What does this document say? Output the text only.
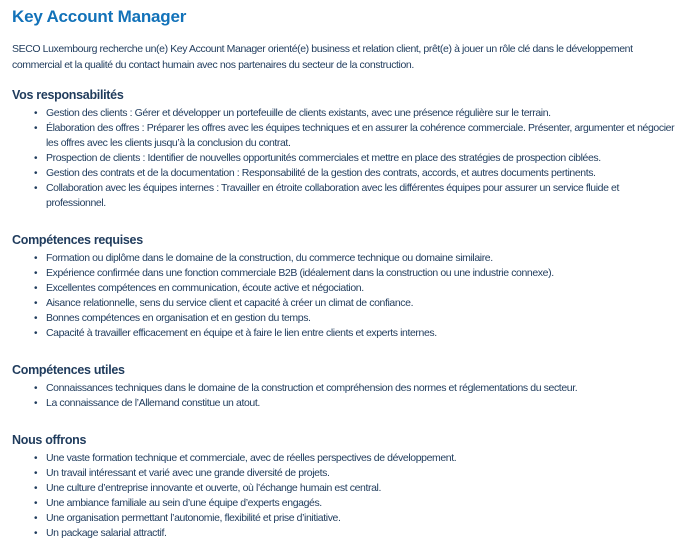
Key Account Manager

SECO Luxembourg recherche un(e) Key Account Manager orienté(e) business et relation client, prêt(e) à jouer un rôle clé dans le développement commercial et la qualité du contact humain avec nos partenaires du secteur de la construction.

Vos responsabilités
• Gestion des clients : Gérer et développer un portefeuille de clients existants, avec une présence régulière sur le terrain.
• Élaboration des offres : Préparer les offres avec les équipes techniques et en assurer la cohérence commerciale. Présenter, argumenter et négocier les offres avec les clients jusqu’à la conclusion du contrat.
• Prospection de clients : Identifier de nouvelles opportunités commerciales et mettre en place des stratégies de prospection ciblées.
• Gestion des contrats et de la documentation : Responsabilité de la gestion des contrats, accords, et autres documents pertinents.
• Collaboration avec les équipes internes : Travailler en étroite collaboration avec les différentes équipes pour assurer un service fluide et professionnel.
Compétences requises
• Formation ou diplôme dans le domaine de la construction, du commerce technique ou domaine similaire.
• Expérience confirmée dans une fonction commerciale B2B (idéalement dans la construction ou une industrie connexe).
• Excellentes compétences en communication, écoute active et négociation.
• Aisance relationnelle, sens du service client et capacité à créer un climat de confiance.
• Bonnes compétences en organisation et en gestion du temps.
• Capacité à travailler efficacement en équipe et à faire le lien entre clients et experts internes.
Compétences utiles
• Connaissances techniques dans le domaine de la construction et compréhension des normes et réglementations du secteur.
• La connaissance de l’Allemand constitue un atout.
Nous offrons
• Une vaste formation technique et commerciale, avec de réelles perspectives de développement.
• Un travail intéressant et varié avec une grande diversité de projets.
• Une culture d’entreprise innovante et ouverte, où l’échange humain est central.
• Une ambiance familiale au sein d’une équipe d’experts engagés.
• Une organisation permettant l’autonomie, flexibilité et prise d’initiative.
• Un package salarial attractif.
